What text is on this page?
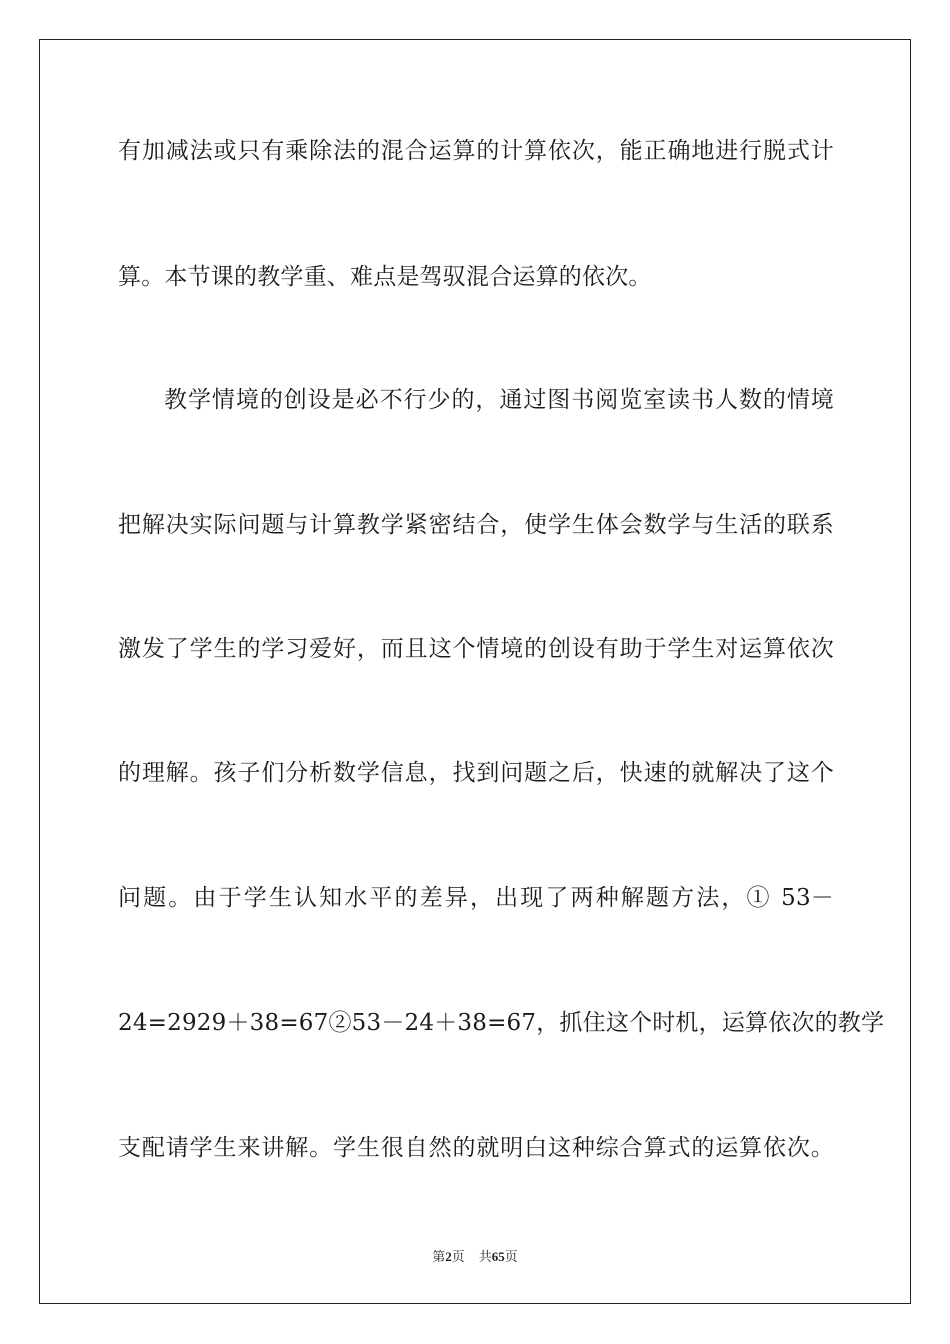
有加减法或只有乘除法的混合运算的计算依次，能正确地进行脱式计
算。本节课的教学重、难点是驾驭混合运算的依次。
教学情境的创设是必不行少的，通过图书阅览室读书人数的情境
把解决实际问题与计算教学紧密结合，使学生体会数学与生活的联系
激发了学生的学习爱好，而且这个情境的创设有助于学生对运算依次
的理解。孩子们分析数学信息，找到问题之后，快速的就解决了这个
问题。由于学生认知水平的差异，出现了两种解题方法，① 53－
24=2929＋38=67②53－24＋38=67，抓住这个时机，运算依次的教学
支配请学生来讲解。学生很自然的就明白这种综合算式的运算依次。
第2页 共65页
